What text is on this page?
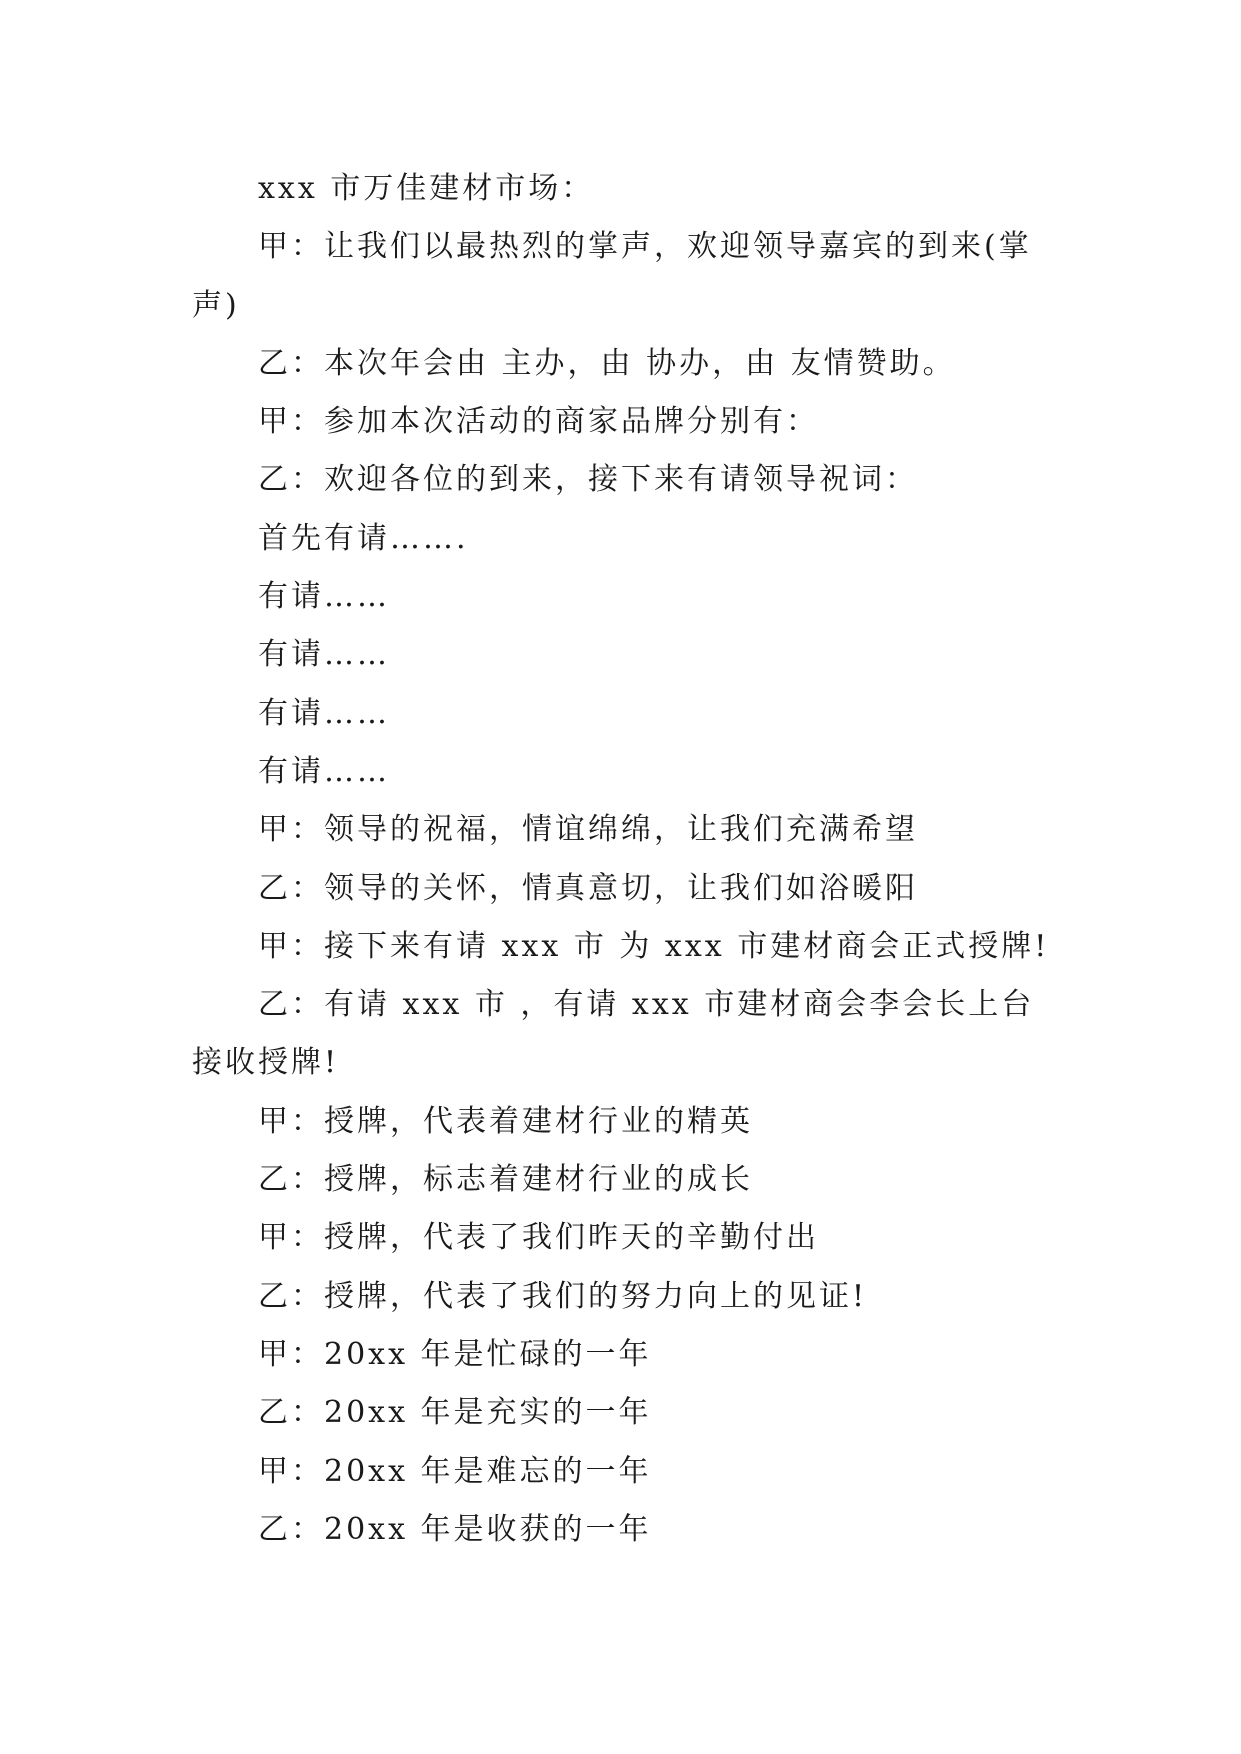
xxx 市万佳建材市场：

甲：让我们以最热烈的掌声，欢迎领导嘉宾的到来(掌声)

乙：本次年会由 主办，由 协办，由 友情赞助。

甲：参加本次活动的商家品牌分别有：

乙：欢迎各位的到来，接下来有请领导祝词：

首先有请…….

有请……

有请……

有请……

有请……

甲：领导的祝福，情谊绵绵，让我们充满希望

乙：领导的关怀，情真意切，让我们如浴暖阳

甲：接下来有请 xxx 市 为 xxx 市建材商会正式授牌!

乙：有请 xxx 市 ，有请 xxx 市建材商会李会长上台接收授牌!

甲：授牌，代表着建材行业的精英

乙：授牌，标志着建材行业的成长

甲：授牌，代表了我们昨天的辛勤付出

乙：授牌，代表了我们的努力向上的见证!

甲：20xx 年是忙碌的一年

乙：20xx 年是充实的一年

甲：20xx 年是难忘的一年

乙：20xx 年是收获的一年
